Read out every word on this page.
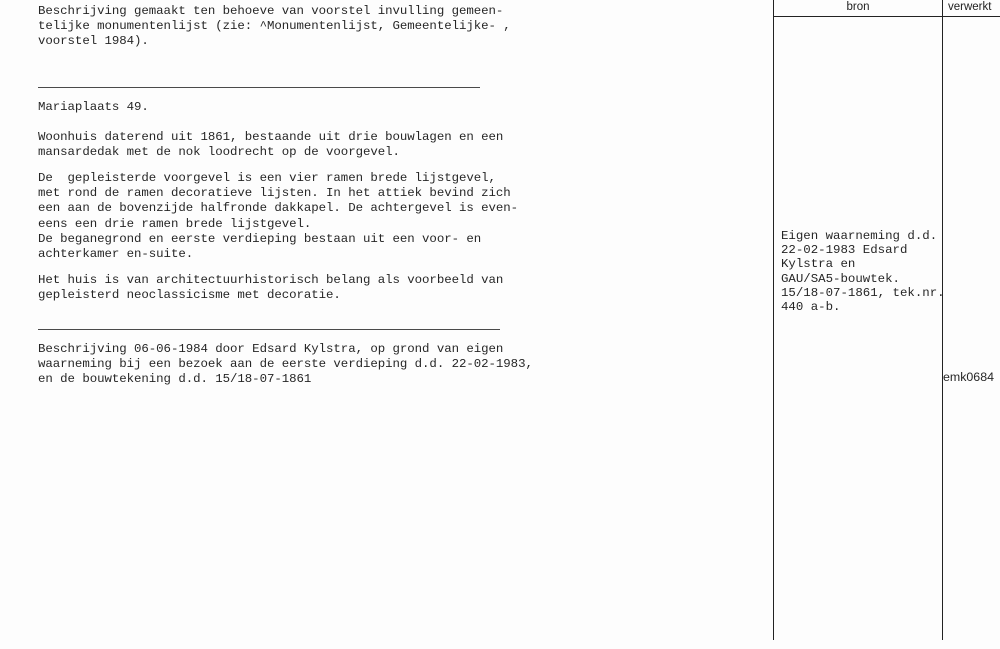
Beschrijving gemaakt ten behoeve van voorstel invulling gemeen-
telijke monumentenlijst (zie: ^Monumentenlijst, Gemeentelijke- ,
voorstel 1984).
Mariaplaats 49.
Woonhuis daterend uit 1861, bestaande uit drie bouwlagen en een
mansardedak met de nok loodrecht op de voorgevel.
De  gepleisterde voorgevel is een vier ramen brede lijstgevel,
met rond de ramen decoratieve lijsten. In het attiek bevind zich
een aan de bovenzijde halfronde dakkapel. De achtergevel is even-
eens een drie ramen brede lijstgevel.
De beganegrond en eerste verdieping bestaan uit een voor- en
achterkamer en-suite.
Het huis is van architectuurhistorisch belang als voorbeeld van
gepleisterd neoclassicisme met decoratie.
Beschrijving 06-06-1984 door Edsard Kylstra, op grond van eigen
waarneming bij een bezoek aan de eerste verdieping d.d. 22-02-1983,
en de bouwtekening d.d. 15/18-07-1861
bron	verwerkt
Eigen waarneming d.d.
22-02-1983 Edsard
Kylstra en
GAU/SA5-bouwtek.
15/18-07-1861, tek.nr.
440 a-b.
emk0684
